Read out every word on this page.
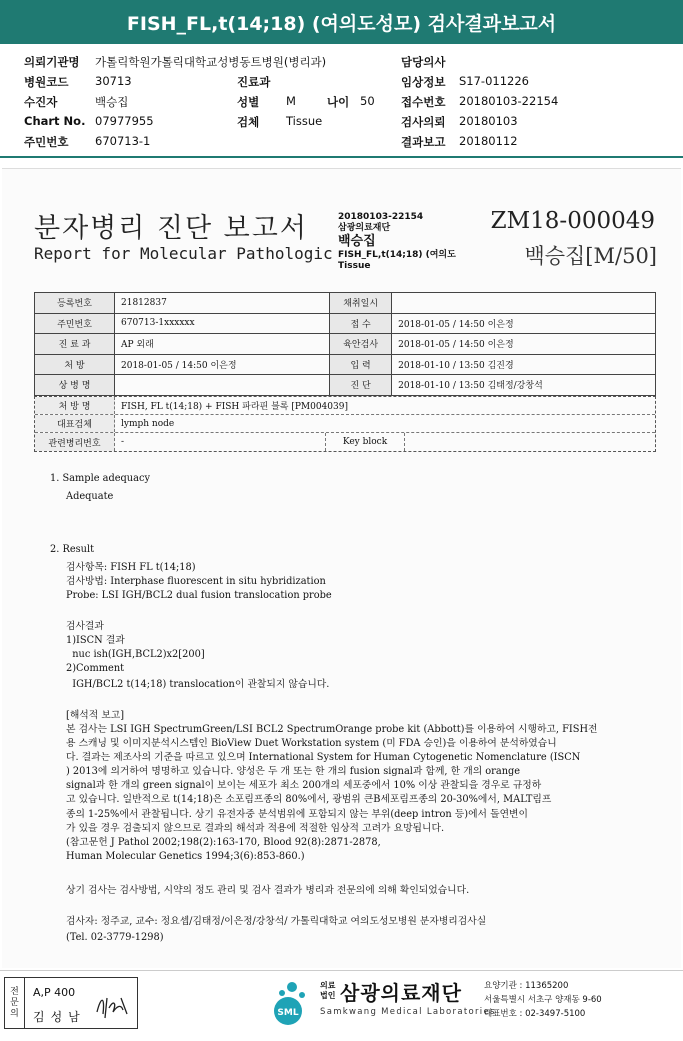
FISH_FL,t(14;18) (여의도성모) 검사결과보고서
의뢰기관명 가톨릭학원가톨릭대학교성병동트병원(병리과)	담당의사
병원코드 30713	진료과	임상정보 S17-011226
수진자	백승집	성별 M	나이 50 접수번호 20180103-22154
Chart No. 07977955	검체 Tissue	검사의뢰 20180103
주민번호 670713-1	결과보고 20180112
분자병리 진단 보고서
Report for Molecular Pathologic
20180103-22154
삼광의료재단
백승집
FISH_FL,t(14;18) (여의도
Tissue
ZM18-000049
백승집[M/50]
등록번호	21812837	채취일시	
주민번호	670713-1xxxxxx	접 수	2018-01-05 / 14:50 이은정
진 료 과	AP 외래	육안검사	2018-01-05 / 14:50 이은정
처 방	2018-01-05 / 14:50 이은정	입 력	2018-01-10 / 13:50 김진경
상 병 명		진 단	2018-01-10 / 13:50 김태정/강창석
처 방 명	FISH, FL t(14;18) + FISH 파라핀 블록 [PM004039]
대표검체	lymph node
관련병리번호	-	Key block
1. Sample adequacy
Adequate
2. Result
검사항목: FISH FL t(14;18)
검사방법: Interphase fluorescent in situ hybridization
Probe: LSI IGH/BCL2 dual fusion translocation probe
검사결과
1)ISCN 결과
nuc ish(IGH,BCL2)x2[200]
2)Comment
IGH/BCL2 t(14;18) translocation이 관찰되지 않습니다.
[해석적 보고]
본 검사는 LSI IGH SpectrumGreen/LSI BCL2 SpectrumOrange probe kit (Abbott)를 이용하여 시행하고, FISH전
용 스캐닝 및 이미지분석시스템인 BioView Duet Workstation system (미 FDA 승인)을 이용하여 분석하였습니
다. 결과는 제조사의 기준을 따르고 있으며 International System for Human Cytogenetic Nomenclature (ISCN
) 2013에 의거하여 명명하고 있습니다. 양성은 두 개 또는 한 개의 fusion signal과 함께, 한 개의 orange
signal과 한 개의 green signal이 보이는 세포가 최소 200개의 세포중에서 10% 이상 관찰되을 경우로 규정하
고 있습니다. 일반적으로 t(14;18)은 소포림프종의 80%에서, 광범위 큰B세포림프종의 20-30%에서, MALT림프
종의 1-25%에서 관찰됩니다. 상기 유전자중 분석범위에 포함되지 않는 부위(deep intron 등)에서 돌연변이
가 있을 경우 검출되지 않으므로 결과의 해석과 적용에 적절한 임상적 고려가 요망됩니다.
(참고문헌 J Pathol 2002;198(2):163-170, Blood 92(8):2871-2878,
Human Molecular Genetics 1994;3(6):853-860.)
상기 검사는 검사방법, 시약의 정도 관리 및 검사 결과가 병리과 전문의에 의해 확인되었습니다.
검사자: 정주교, 교수: 정요셉/김태정/이은정/강창석/ 가톨릭대학교 여의도성모병원 분자병리검사실
(Tel. 02-3779-1298)
전
문
의
A,P 400
김성남	SML
의료
법인 삼광의료재단
Samkwang Medical Laboratories
요양기관 : 11365200
서울특별시 서초구 양재동 9-60
대표번호 : 02-3497-5100
